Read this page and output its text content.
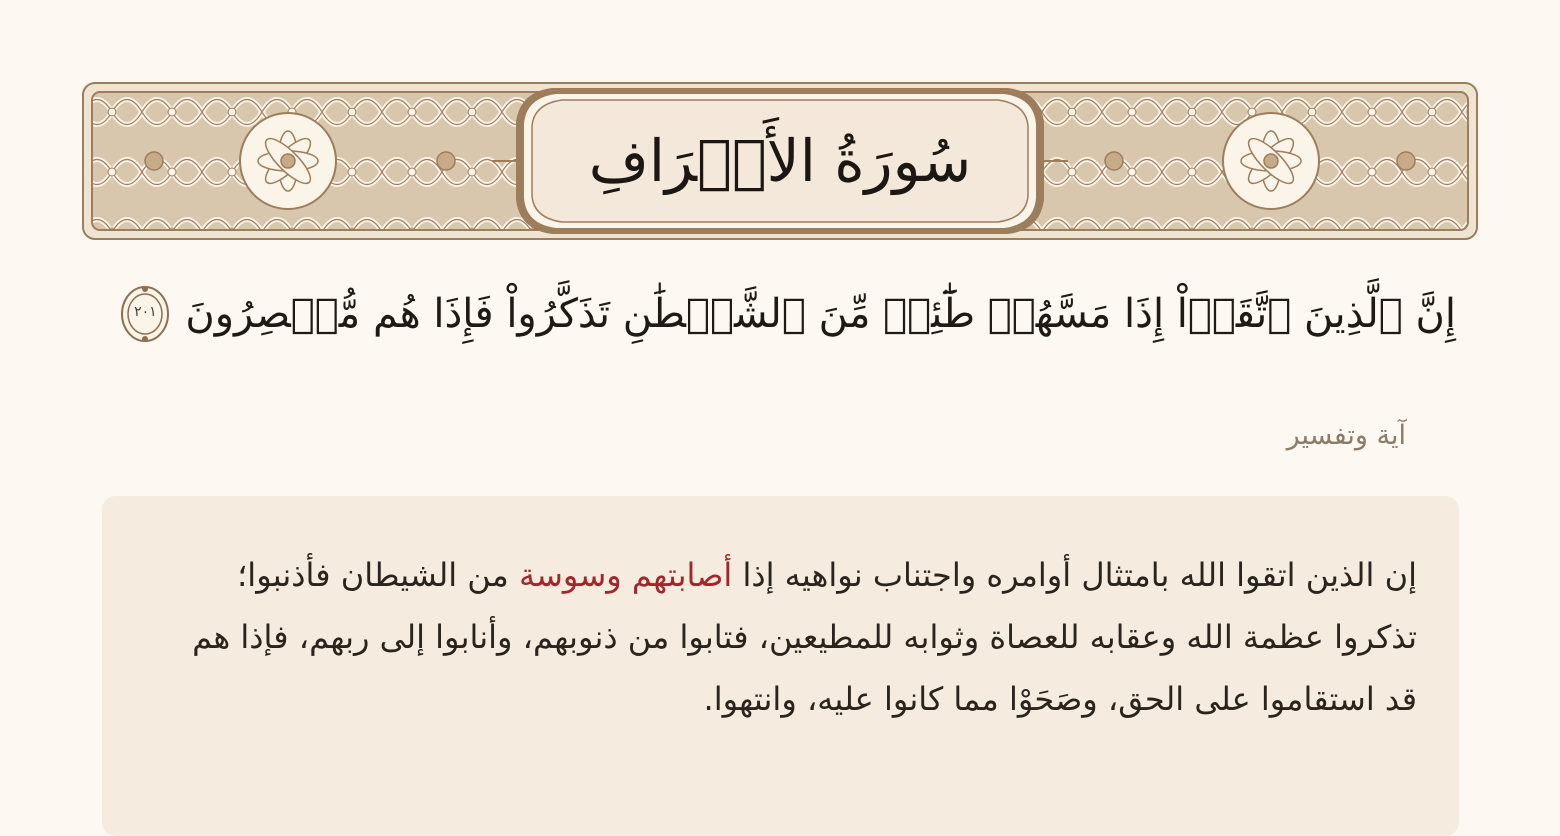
سُورَةُ الأَعۡرَافِ
إِنَّ ٱلَّذِينَ ٱتَّقَوۡاْ إِذَا مَسَّهُمۡ طَٰٓئِفٞ مِّنَ ٱلشَّيۡطَٰنِ تَذَكَّرُواْ فَإِذَا هُم مُّبۡصِرُونَ
٢٠١
آية وتفسير
إن الذين اتقوا الله بامتثال أوامره واجتناب نواهيه إذا أصابتهم وسوسة من الشيطان فأذنبوا؛ تذكروا عظمة الله وعقابه للعصاة وثوابه للمطيعين، فتابوا من ذنوبهم، وأنابوا إلى ربهم، فإذا هم قد استقاموا على الحق، وصَحَوْا مما كانوا عليه، وانتهوا.
